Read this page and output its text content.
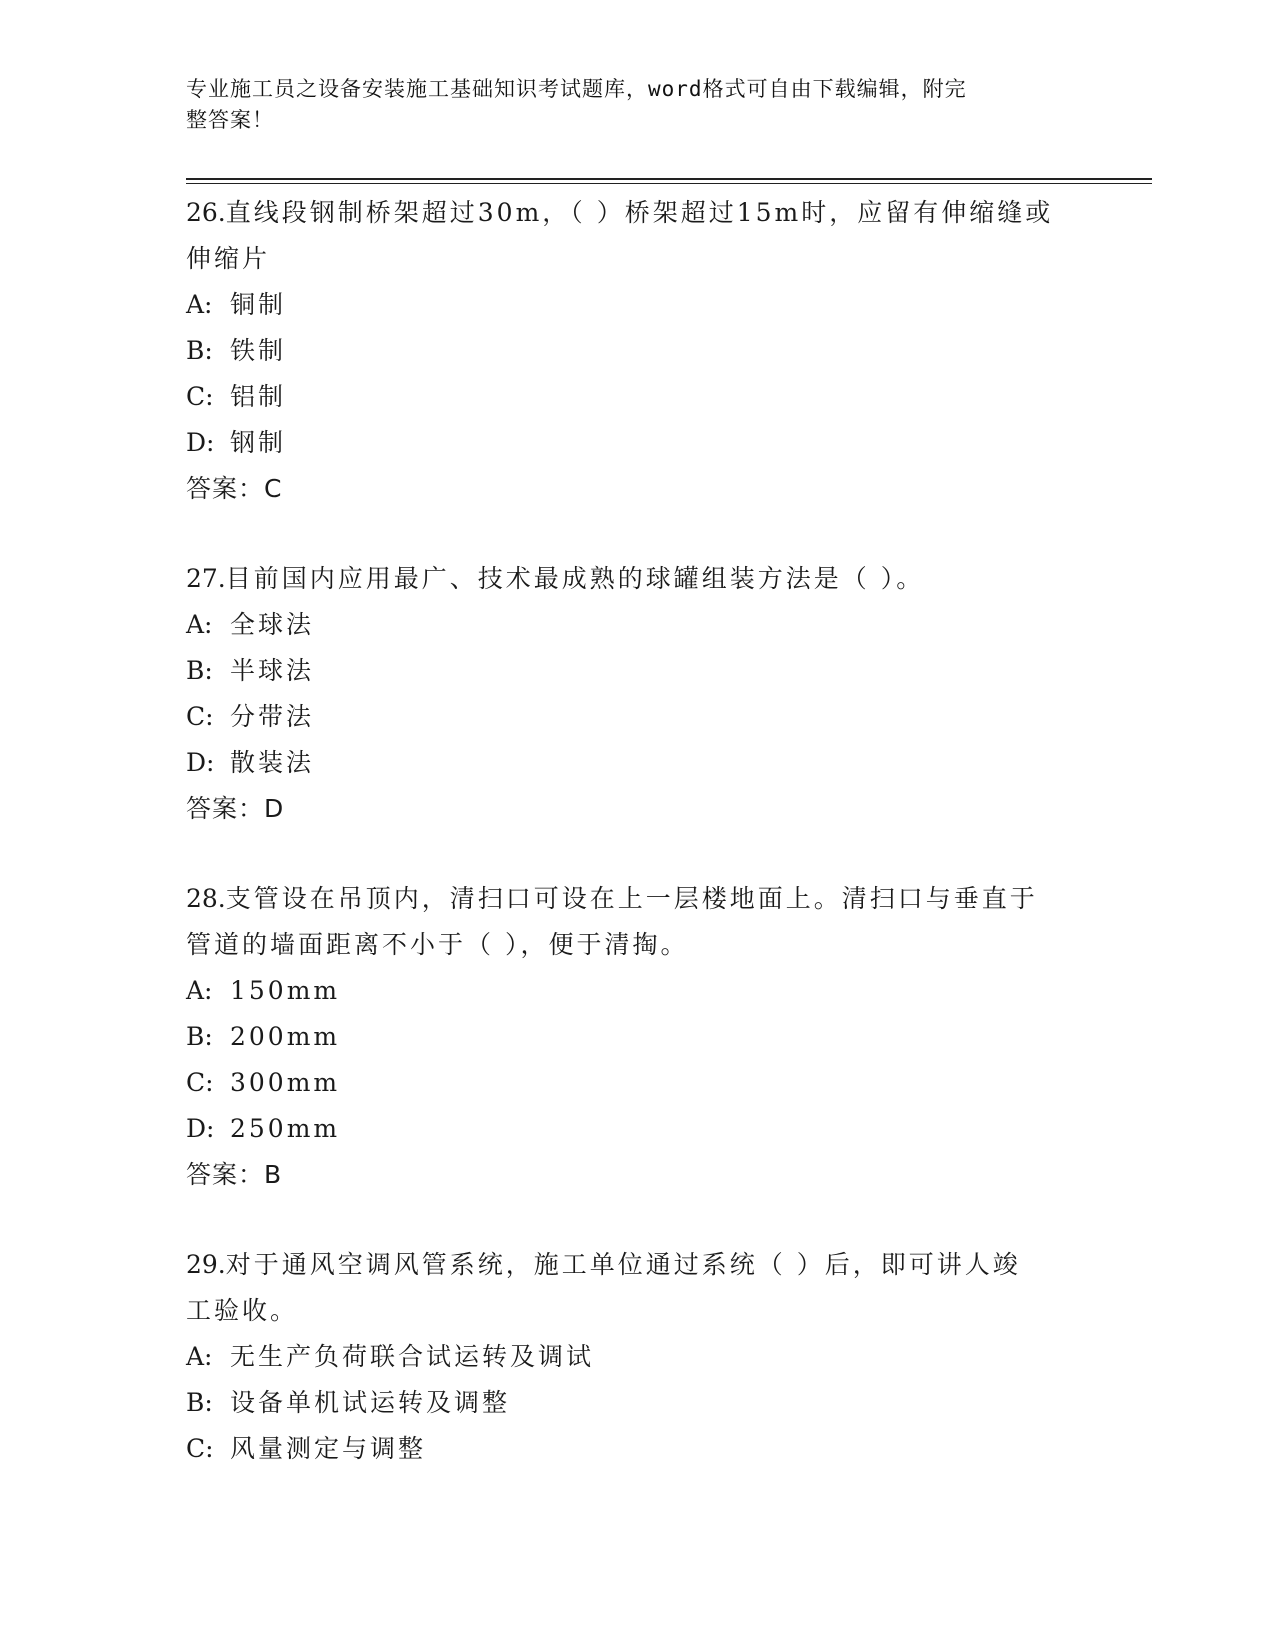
专业施工员之设备安装施工基础知识考试题库，word格式可自由下载编辑，附完
整答案！

26.直线段钢制桥架超过30m，（ ）桥架超过15m时，应留有伸缩缝或

伸缩片

A: 铜制

B: 铁制

C: 铝制

D: 钢制

答案：C

27.目前国内应用最广、技术最成熟的球罐组装方法是（ ）。

A: 全球法

B: 半球法

C: 分带法

D: 散装法

答案：D

28.支管设在吊顶内，清扫口可设在上一层楼地面上。清扫口与垂直于

管道的墙面距离不小于（ ），便于清掏。

A: 150mm

B: 200mm

C: 300mm

D: 250mm

答案：B

29.对于通风空调风管系统，施工单位通过系统（ ）后，即可讲人竣

工验收。

A: 无生产负荷联合试运转及调试

B: 设备单机试运转及调整

C: 风量测定与调整
